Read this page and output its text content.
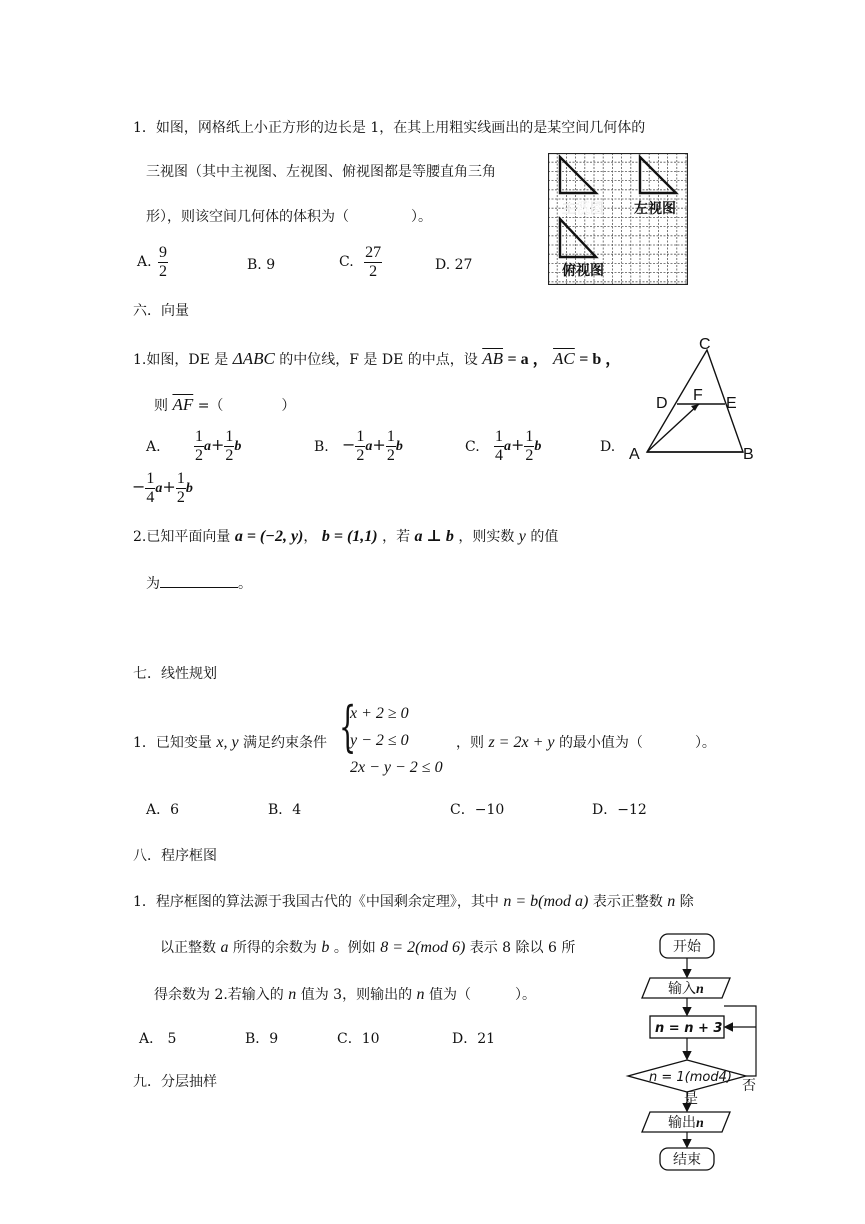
1．如图，网格纸上小正方形的边长是 1，在其上用粗实线画出的是某空间几何体的
三视图（其中主视图、左视图、俯视图都是等腰直角三角
形），则该空间几何体的体积为（	）。
A. $\frac{9}{2}$	B. 9	C. $\frac{27}{2}$	D. 27
主视图 左视图
俯视图
六．向量
1.如图，DE 是 ΔABC 的中位线，F 是 DE 的中点，设 $\overline{AB} = a$ ， $\overline{AC} = b$ ，
则 $\overline{AF}$ =（	）
A. $\frac{1}{2} a+ \frac{1}{2}$ b	B. − $\frac{1}{2} a+ \frac{1}{2}$ b	C. $\frac{1}{4} a+ \frac{1}{2}$ b	D.
− $\frac{1}{4} a+ \frac{1}{2}$ b
A	B
C
D	E
F
2.已知平面向量 a = (−2, y)， b = (1,1) ，若 a ⊥ b ，则实数 y 的值
为	。
七．线性规划
1．已知变量 x, y 满足约束条件 {
x + 2 ≥ 0
y − 2 ≤ 0
2x − y − 2 ≤ 0
，则 z = 2x + y 的最小值为（	）。
A．6	B．4	C．−10	D．−12
八．程序框图
1．程序框图的算法源于我国古代的《中国剩余定理》，其中 n = b(mod a) 表示正整数 n 除
以正整数 a 所得的余数为 b 。例如 8 = 2(mod 6) 表示 8 除以 6 所
得余数为 2.若输入的 n 值为 3，则输出的 n 值为（	）。
A． 5	B．9	C．10	D．21
开始
输入n
n = n + 3
n = 1(mod4)
否
是
输出n
结束
九．分层抽样
